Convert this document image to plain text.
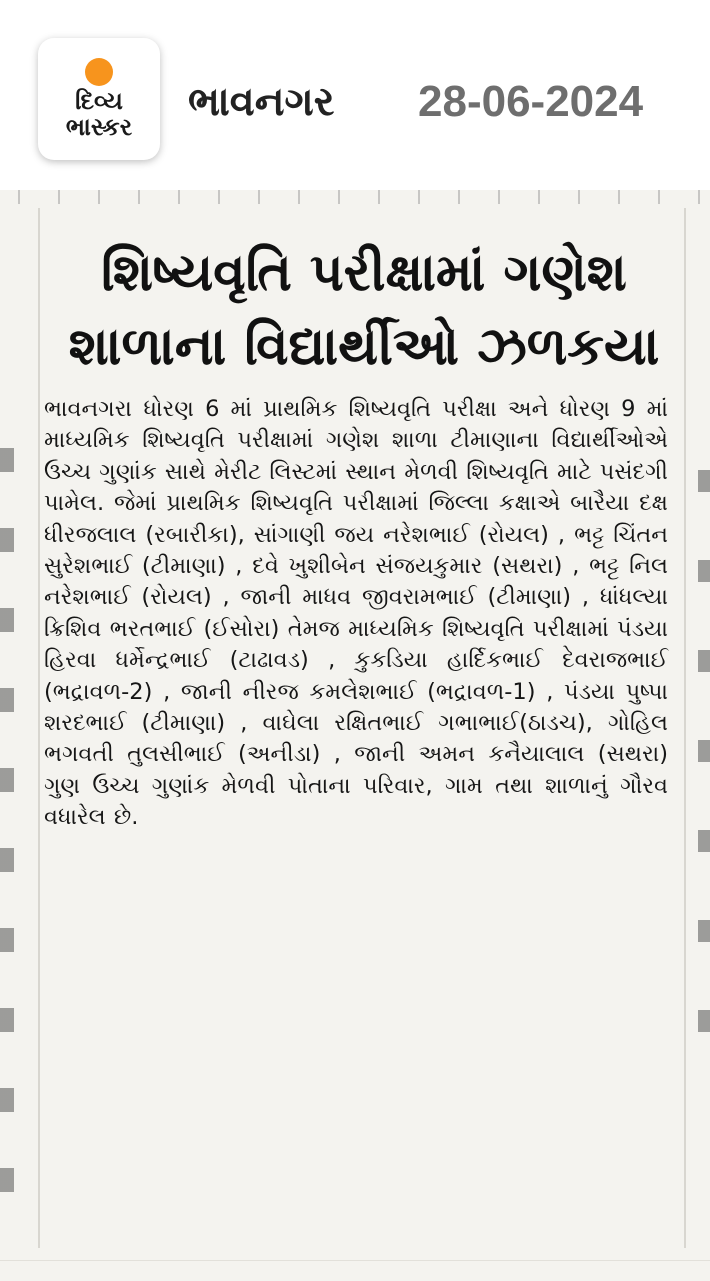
દિવ્ય
ભાસ્કર
ભાવનગર 28-06-2024
શિષ્યવૃતિ પરીક્ષામાં ગણેશ
શાળાના વિદ્યાર્થીઓ ઝળકયા
ભાવનગર। ધોરણ 6 માં પ્રાથમિક શિષ્યવૃતિ પરીક્ષા અને ધોરણ 9 માં માધ્યમિક શિષ્યવૃતિ પરીક્ષામાં ગણેશ શાળા ટીમાણાના વિદ્યાર્થીઓએ ઉચ્ચ ગુણાંક સાથે મેરીટ લિસ્ટમાં સ્થાન મેળવી શિષ્યવૃતિ માટે પસંદગી પામેલ. જેમાં પ્રાથમિક શિષ્યવૃતિ પરીક્ષામાં જિલ્લા કક્ષાએ બારૈયા દક્ષ ધીરજલાલ (રબારીકા), સાંગાણી જય નરેશભાઈ (રોયલ) , ભટ્ટ ચિંતન સુરેશભાઈ (ટીમાણા) , દવે ખુશીબેન સંજયકુમાર (સથરા) , ભટ્ટ નિલ નરેશભાઈ (રોયલ) , જાની માધવ જીવરામભાઈ (ટીમાણા) , ધાંધલ્યા ક્રિશિવ ભરતભાઈ (ઈસોરા) તેમજ માધ્યમિક શિષ્યવૃતિ પરીક્ષામાં પંડયા હિરવા ધર્મેન્દ્રભાઈ (ટાઢાવડ) , કુકડિયા હાર્દિકભાઈ દેવરાજભાઈ (ભદ્રાવળ-2) , જાની નીરજ કમલેશભાઈ (ભદ્રાવળ-1) , પંડયા પુષ્પા શરદભાઈ (ટીમાણા) , વાઘેલા રક્ષિતભાઈ ગભાભાઈ(ઠાડચ), ગોહિલ ભગવતી તુલસીભાઈ (અનીડા) , જાની અમન કનૈયાલાલ (સથરા) ગુણ ઉચ્ચ ગુણાંક મેળવી પોતાના પરિવાર, ગામ તથા શાળાનું ગૌરવ વધારેલ છે.
